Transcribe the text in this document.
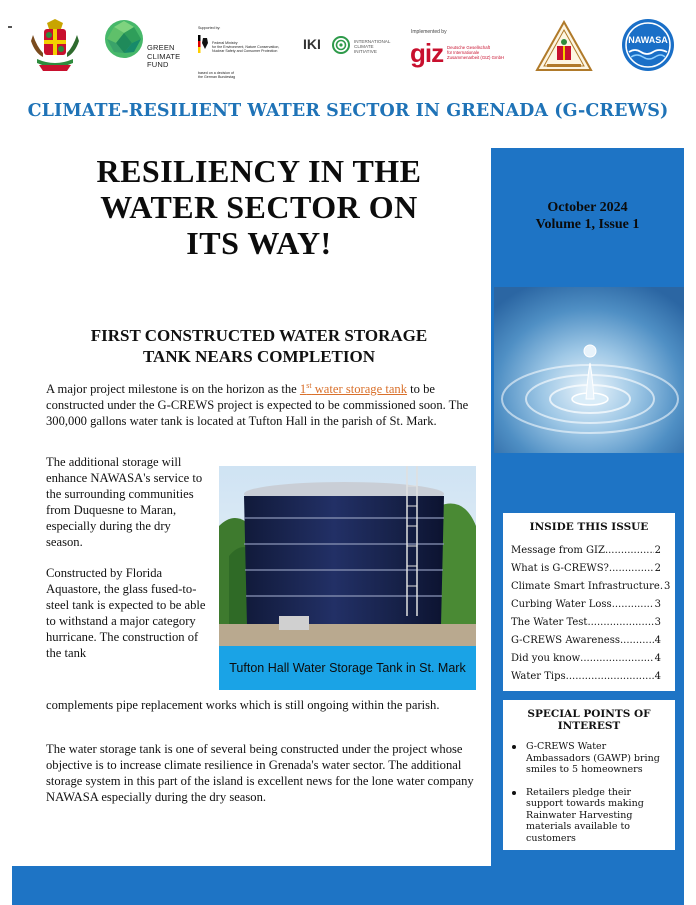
GREEN
CLIMATE
FUND
Supported by:
Federal Ministry
for the Environment, Nature Conservation,
Nuclear Safety and Consumer Protection
based on a decision of
the German Bundestag
IKI	INTERNATIONAL
CLIMATE
INITIATIVE
Implemented by
giz Deutsche Gesellschaft
für Internationale
Zusammenarbeit (GIZ) GmbH
NAWASA
CLIMATE-RESILIENT WATER SECTOR IN GRENADA (G-CREWS)
RESILIENCY IN THE
WATER SECTOR ON
ITS WAY!
October 2024
Volume 1, Issue 1
INSIDE THIS ISSUE
Message from GIZ .....	2
What is G-CREWS? .....	2
Climate Smart Infrastructure. 3
Curbing Water Loss .....	3
The Water Test .....	3
G-CREWS Awareness .....	4
Did you know .....	4
Water Tips .....	4
SPECIAL POINTS OF INTEREST
G-CREWS Water Ambassadors (GAWP) bring smiles to 5 homeowners
Retailers pledge their support towards making Rainwater Harvesting materials available to customers
FIRST CONSTRUCTED WATER STORAGE
TANK NEARS COMPLETION
A major project milestone is on the horizon as the 1st water storage tank to be constructed under the G-CREWS project is expected to be commissioned soon. The 300,000 gallons water tank is located at Tufton Hall in the parish of St. Mark.

The additional storage will enhance NAWASA's service to the surrounding communities from Duquesne to Maran, especially during the dry season.

Constructed by Florida Aquastore, the glass fused-to-steel tank is expected to be able to withstand a major category hurricane. The construction of the tank

complements pipe replacement works which is still ongoing within the parish.
The water storage tank is one of several being constructed under the project whose objective is to increase climate resilience in Grenada's water sector. The additional storage system in this part of the island is excellent news for the lone water company NAWASA especially during the dry season.
Tufton Hall Water Storage Tank in St. Mark
